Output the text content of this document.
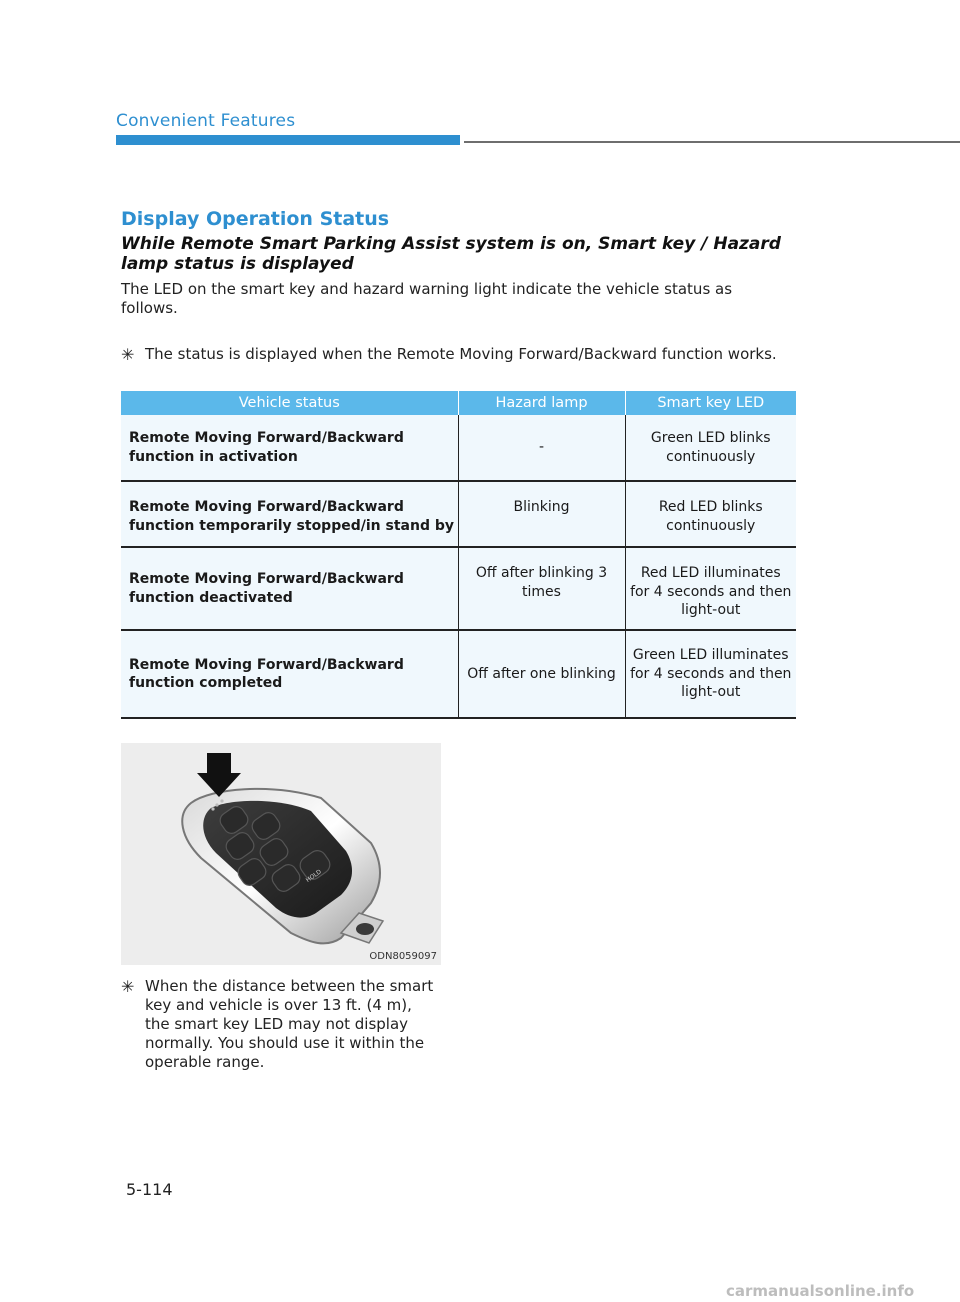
Convenient Features
Display Operation Status
While Remote Smart Parking Assist system is on, Smart key / Hazard lamp status is displayed
The LED on the smart key and hazard warning light indicate the vehicle status as follows.
✳ The status is displayed when the Remote Moving Forward/Backward function works.
Vehicle status	Hazard lamp	Smart key LED
Remote Moving Forward/Backward function in activation	-	Green LED blinks continuously
Remote Moving Forward/Backward function temporarily stopped/in stand by	Blinking	Red LED blinks continuously
Remote Moving Forward/Backward function deactivated	Off after blinking 3 times	Red LED illuminates for 4 seconds and then light-out
Remote Moving Forward/Backward function completed	Off after one blinking	Green LED illuminates for 4 seconds and then light-out
HOLD
ODN8059097
✳ When the distance between the smart key and vehicle is over 13 ft. (4 m), the smart key LED may not display normally. You should use it within the operable range.
5-114
carmanualsonline.info
